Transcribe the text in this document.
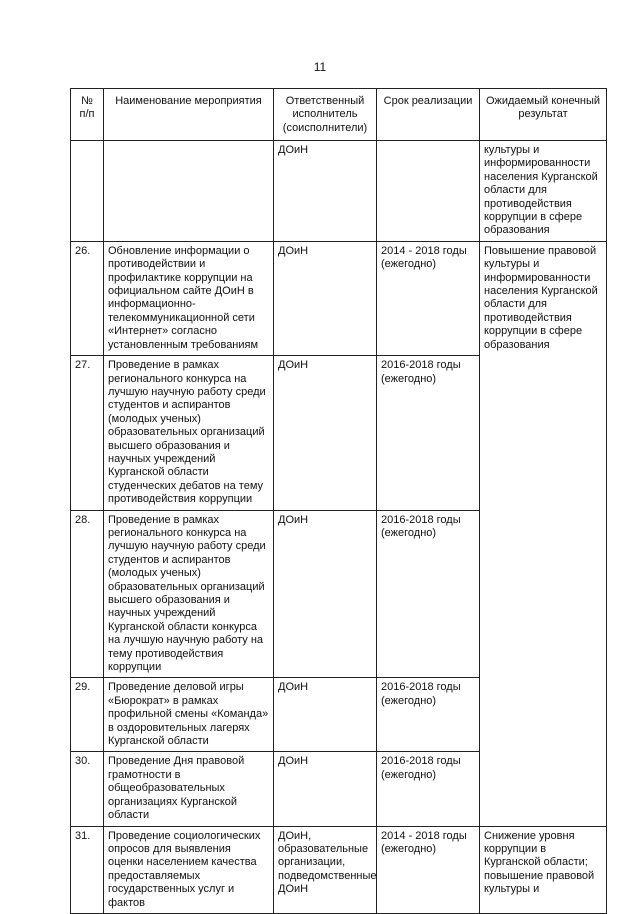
11
№
п/п	Наименование мероприятия	Ответственный исполнитель (соисполнители)	Срок реализации	Ожидаемый конечный результат
		ДОиН		культуры и информированности населения Курганской области для противодействия коррупции в сфере образования
26.	Обновление информации о противодействии и профилактике коррупции на официальном сайте ДОиН в информационно-телекоммуникационной сети «Интернет» согласно установленным требованиям	ДОиН	2014 - 2018 годы (ежегодно)	Повышение правовой культуры и информированности населения Курганской области для противодействия коррупции в сфере образования
27.	Проведение в рамках регионального конкурса на лучшую научную работу среди студентов и аспирантов (молодых ученых) образовательных организаций высшего образования и научных учреждений Курганской области студенческих дебатов на тему противодействия коррупции	ДОиН	2016-2018 годы (ежегодно)	
28.	Проведение в рамках регионального конкурса на лучшую научную работу среди студентов и аспирантов (молодых ученых) образовательных организаций высшего образования и научных учреждений Курганской области конкурса на лучшую научную работу на тему противодействия коррупции	ДОиН	2016-2018 годы (ежегодно)	
29.	Проведение деловой игры «Бюрократ» в рамках профильной смены «Команда» в оздоровительных лагерях Курганской области	ДОиН	2016-2018 годы (ежегодно)	
30.	Проведение Дня правовой грамотности в общеобразовательных организациях Курганской области	ДОиН	2016-2018 годы (ежегодно)	
31.	Проведение социологических опросов для выявления оценки населением качества предоставляемых государственных услуг и фактов	ДОиН, образовательные организации, подведомственные ДОиН	2014 - 2018 годы (ежегодно)	Снижение уровня коррупции в Курганской области; повышение правовой культуры и
